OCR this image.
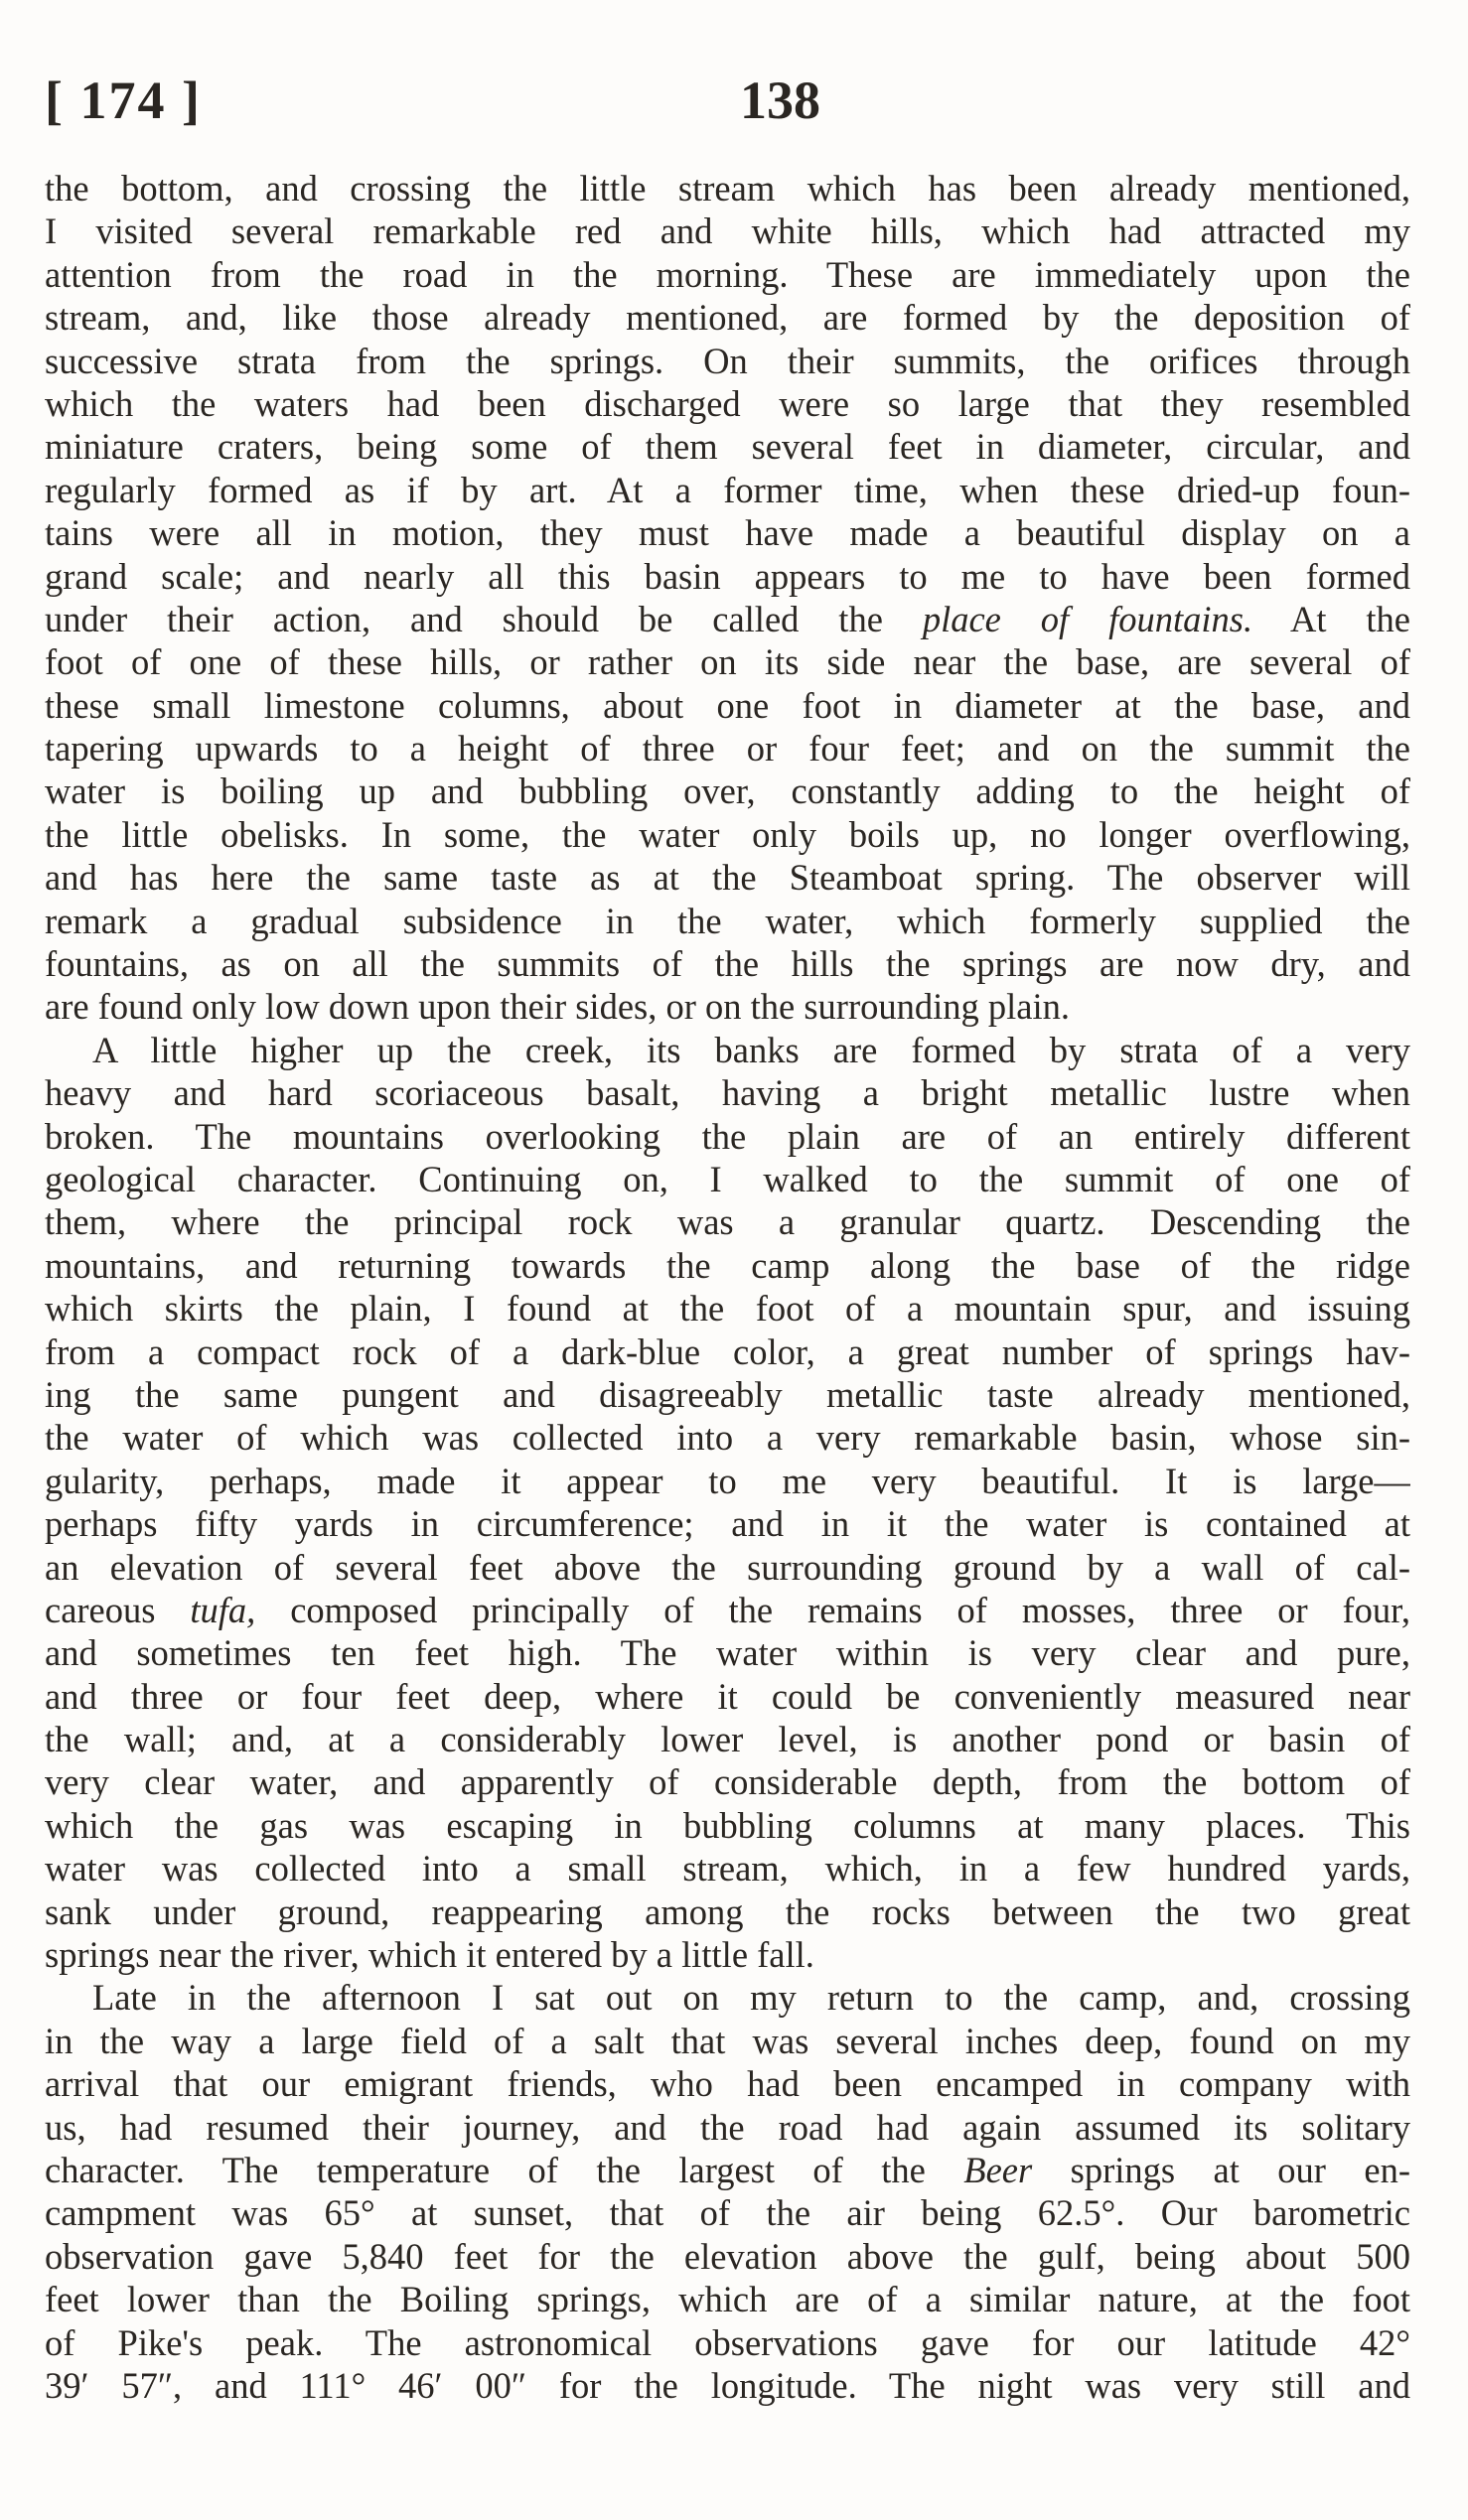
[ 174 ]	138
the bottom, and crossing the little stream which has been already mentioned,
I visited several remarkable red and white hills, which had attracted my
attention from the road in the morning. These are immediately upon the
stream, and, like those already mentioned, are formed by the deposition of
successive strata from the springs. On their summits, the orifices through
which the waters had been discharged were so large that they resembled
miniature craters, being some of them several feet in diameter, circular, and
regularly formed as if by art. At a former time, when these dried-up foun-
tains were all in motion, they must have made a beautiful display on a
grand scale; and nearly all this basin appears to me to have been formed
under their action, and should be called the place of fountains. At the
foot of one of these hills, or rather on its side near the base, are several of
these small limestone columns, about one foot in diameter at the base, and
tapering upwards to a height of three or four feet; and on the summit the
water is boiling up and bubbling over, constantly adding to the height of
the little obelisks. In some, the water only boils up, no longer overflowing,
and has here the same taste as at the Steamboat spring. The observer will
remark a gradual subsidence in the water, which formerly supplied the
fountains, as on all the summits of the hills the springs are now dry, and
are found only low down upon their sides, or on the surrounding plain.
A little higher up the creek, its banks are formed by strata of a very
heavy and hard scoriaceous basalt, having a bright metallic lustre when
broken. The mountains overlooking the plain are of an entirely different
geological character. Continuing on, I walked to the summit of one of
them, where the principal rock was a granular quartz. Descending the
mountains, and returning towards the camp along the base of the ridge
which skirts the plain, I found at the foot of a mountain spur, and issuing
from a compact rock of a dark-blue color, a great number of springs hav-
ing the same pungent and disagreeably metallic taste already mentioned,
the water of which was collected into a very remarkable basin, whose sin-
gularity, perhaps, made it appear to me very beautiful. It is large—
perhaps fifty yards in circumference; and in it the water is contained at
an elevation of several feet above the surrounding ground by a wall of cal-
careous tufa, composed principally of the remains of mosses, three or four,
and sometimes ten feet high. The water within is very clear and pure,
and three or four feet deep, where it could be conveniently measured near
the wall; and, at a considerably lower level, is another pond or basin of
very clear water, and apparently of considerable depth, from the bottom of
which the gas was escaping in bubbling columns at many places. This
water was collected into a small stream, which, in a few hundred yards,
sank under ground, reappearing among the rocks between the two great
springs near the river, which it entered by a little fall.
Late in the afternoon I sat out on my return to the camp, and, crossing
in the way a large field of a salt that was several inches deep, found on my
arrival that our emigrant friends, who had been encamped in company with
us, had resumed their journey, and the road had again assumed its solitary
character. The temperature of the largest of the Beer springs at our en-
campment was 65° at sunset, that of the air being 62.5°. Our barometric
observation gave 5,840 feet for the elevation above the gulf, being about 500
feet lower than the Boiling springs, which are of a similar nature, at the foot
of Pike's peak. The astronomical observations gave for our latitude 42°
39′ 57″, and 111° 46′ 00″ for the longitude. The night was very still and
